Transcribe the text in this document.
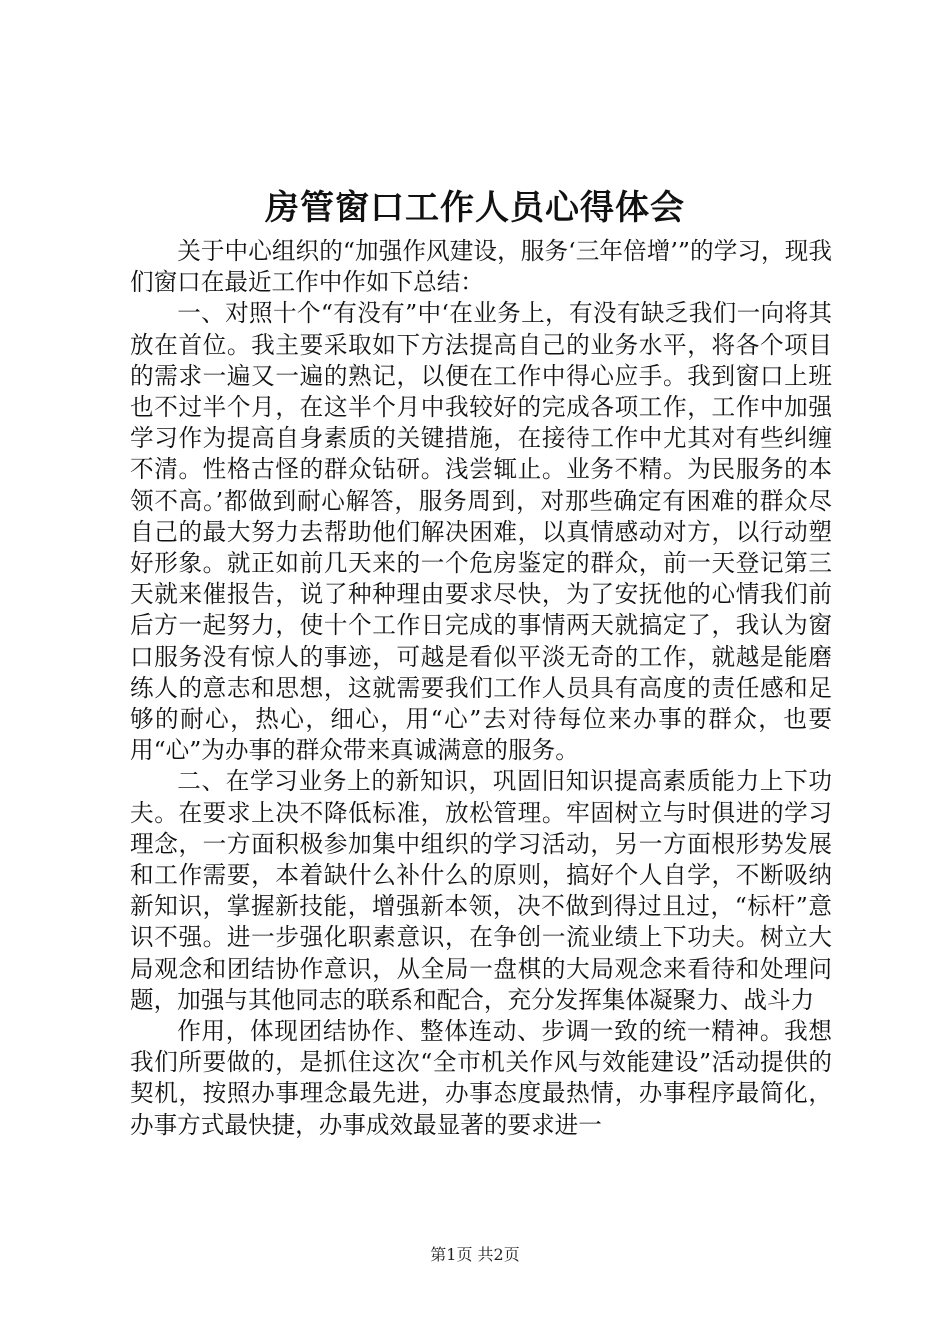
房管窗口工作人员心得体会

关于中心组织的“加强作风建设，服务‘三年倍增’”的学习，现我们窗口在最近工作中作如下总结：

一、对照十个“有没有”中‘在业务上，有没有缺乏我们一向将其放在首位。我主要采取如下方法提高自己的业务水平，将各个项目的需求一遍又一遍的熟记，以便在工作中得心应手。我到窗口上班也不过半个月，在这半个月中我较好的完成各项工作，工作中加强学习作为提高自身素质的关键措施，在接待工作中尤其对有些纠缠不清。性格古怪的群众钻研。浅尝辄止。业务不精。为民服务的本领不高。’都做到耐心解答，服务周到，对那些确定有困难的群众尽自己的最大努力去帮助他们解决困难，以真情感动对方，以行动塑好形象。就正如前几天来的一个危房鉴定的群众，前一天登记第三天就来催报告，说了种种理由要求尽快，为了安抚他的心情我们前后方一起努力，使十个工作日完成的事情两天就搞定了，我认为窗口服务没有惊人的事迹，可越是看似平淡无奇的工作，就越是能磨练人的意志和思想，这就需要我们工作人员具有高度的责任感和足够的耐心，热心，细心，用“心”去对待每位来办事的群众，也要用“心”为办事的群众带来真诚满意的服务。

二、在学习业务上的新知识，巩固旧知识提高素质能力上下功夫。在要求上决不降低标准，放松管理。牢固树立与时俱进的学习理念，一方面积极参加集中组织的学习活动，另一方面根形势发展和工作需要，本着缺什么补什么的原则，搞好个人自学，不断吸纳新知识，掌握新技能，增强新本领，决不做到得过且过，“标杆”意识不强。进一步强化职素意识，在争创一流业绩上下功夫。树立大局观念和团结协作意识，从全局一盘棋的大局观念来看待和处理问题，加强与其他同志的联系和配合，充分发挥集体凝聚力、战斗力

作用，体现团结协作、整体连动、步调一致的统一精神。我想我们所要做的，是抓住这次“全市机关作风与效能建设”活动提供的契机，按照办事理念最先进，办事态度最热情，办事程序最简化，办事方式最快捷，办事成效最显著的要求进一

第1页 共2页
